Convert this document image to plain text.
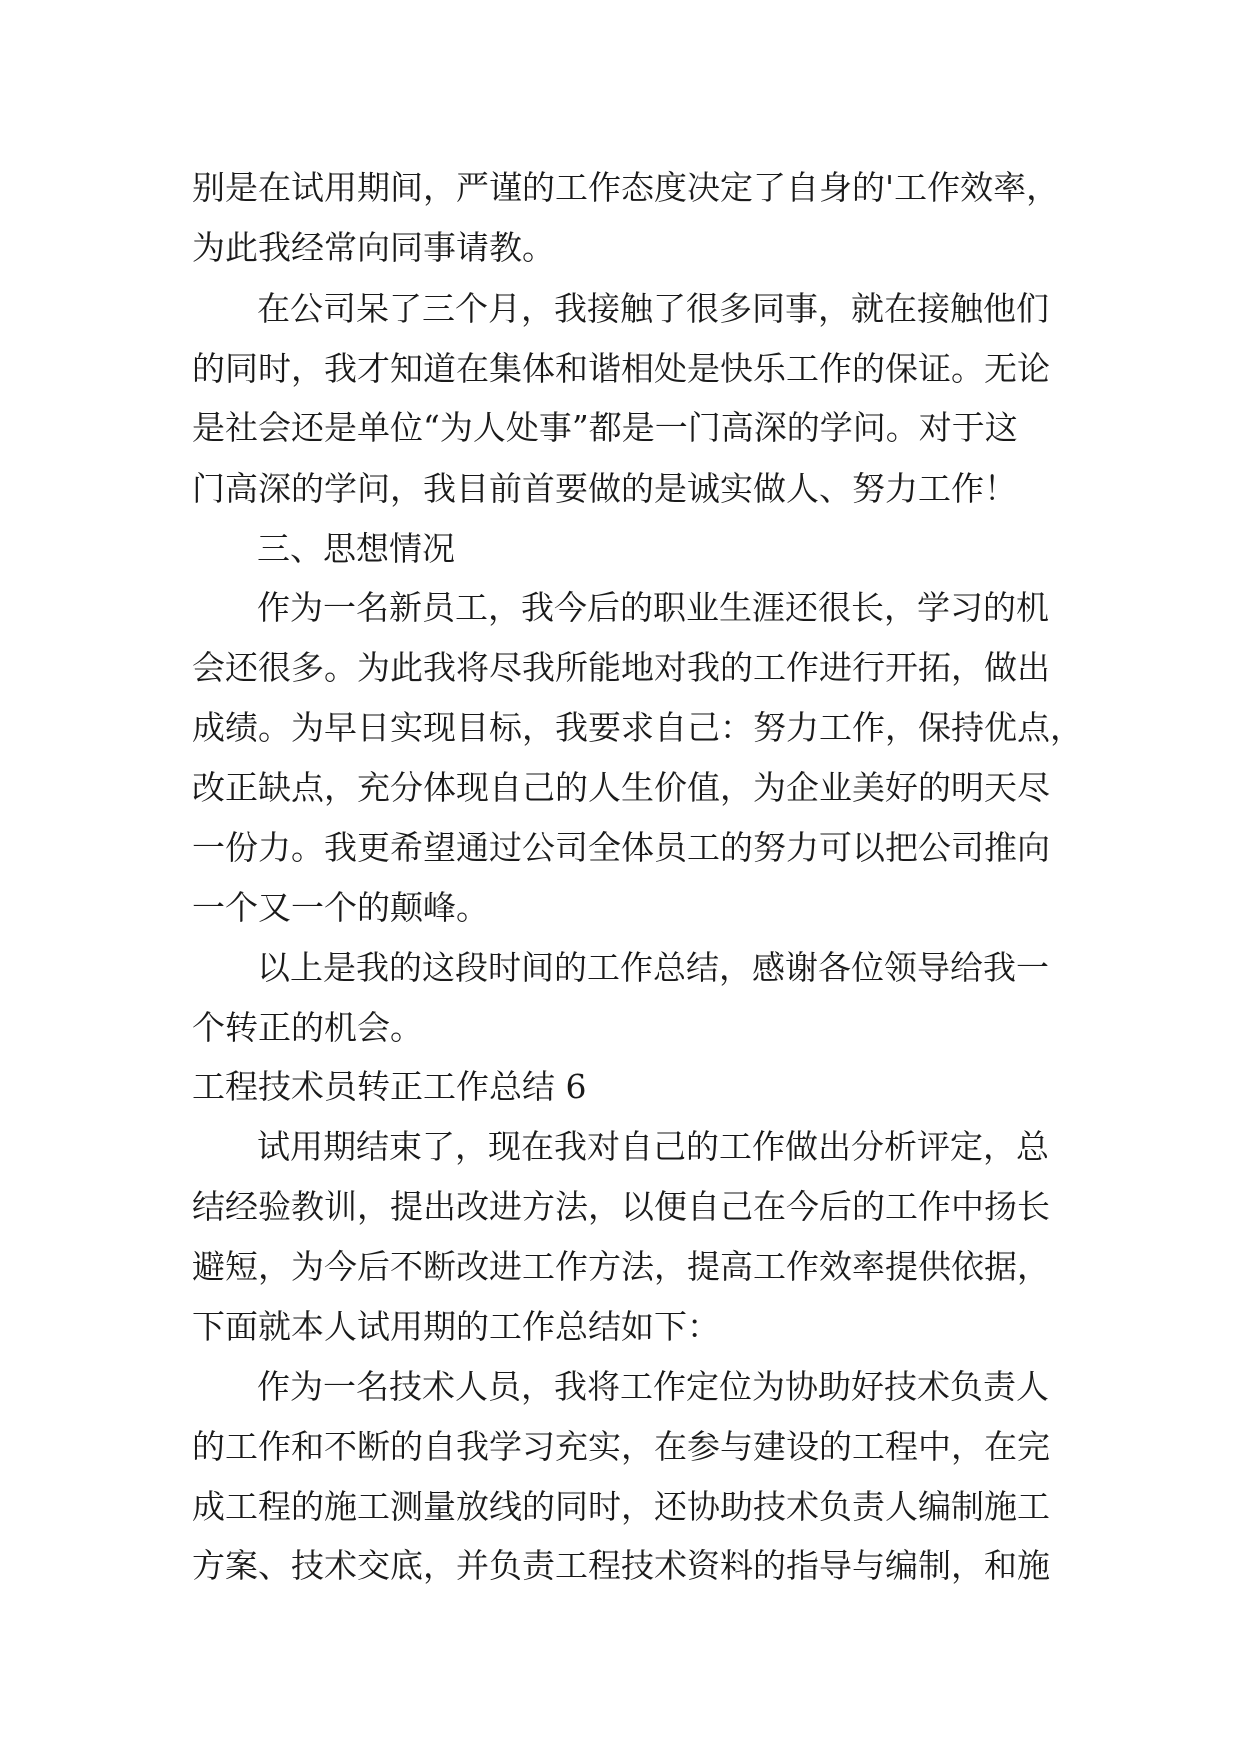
别是在试用期间，严谨的工作态度决定了自身的'工作效率，
为此我经常向同事请教。
在公司呆了三个月，我接触了很多同事，就在接触他们
的同时，我才知道在集体和谐相处是快乐工作的保证。无论
是社会还是单位“为人处事”都是一门高深的学问。对于这
门高深的学问，我目前首要做的是诚实做人、努力工作！
三、思想情况
作为一名新员工，我今后的职业生涯还很长，学习的机
会还很多。为此我将尽我所能地对我的工作进行开拓，做出
成绩。为早日实现目标，我要求自己：努力工作，保持优点，
改正缺点，充分体现自己的人生价值，为企业美好的明天尽
一份力。我更希望通过公司全体员工的努力可以把公司推向
一个又一个的颠峰。
以上是我的这段时间的工作总结，感谢各位领导给我一
个转正的机会。
工程技术员转正工作总结 6
试用期结束了，现在我对自己的工作做出分析评定，总
结经验教训，提出改进方法，以便自己在今后的工作中扬长
避短，为今后不断改进工作方法，提高工作效率提供依据，
下面就本人试用期的工作总结如下：
作为一名技术人员，我将工作定位为协助好技术负责人
的工作和不断的自我学习充实，在参与建设的工程中，在完
成工程的施工测量放线的同时，还协助技术负责人编制施工
方案、技术交底，并负责工程技术资料的指导与编制，和施
